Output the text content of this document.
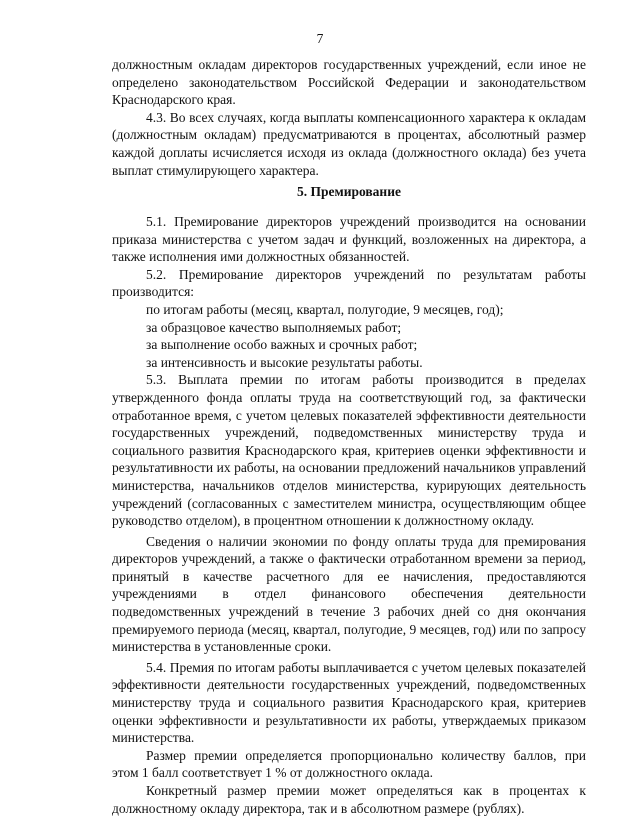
7

должностным окладам директоров государственных учреждений, если иное не определено законодательством Российской Федерации и законодательством Краснодарского края.

4.3. Во всех случаях, когда выплаты компенсационного характера к окладам (должностным окладам) предусматриваются в процентах, абсолютный размер каждой доплаты исчисляется исходя из оклада (должностного оклада) без учета выплат стимулирующего характера.

5. Премирование

5.1. Премирование директоров учреждений производится на основании приказа министерства с учетом задач и функций, возложенных на директора, а также исполнения ими должностных обязанностей.

5.2. Премирование директоров учреждений по результатам работы производится:

по итогам работы (месяц, квартал, полугодие, 9 месяцев, год);

за образцовое качество выполняемых работ;

за выполнение особо важных и срочных работ;

за интенсивность и высокие результаты работы.

5.3. Выплата премии по итогам работы производится в пределах утвержденного фонда оплаты труда на соответствующий год, за фактически отработанное время, с учетом целевых показателей эффективности деятельности государственных учреждений, подведомственных министерству труда и социального развития Краснодарского края, критериев оценки эффективности и результативности их работы, на основании предложений начальников управлений министерства, начальников отделов министерства, курирующих деятельность учреждений (согласованных с заместителем министра, осуществляющим общее руководство отделом), в процентном отношении к должностному окладу.

Сведения о наличии экономии по фонду оплаты труда для премирования директоров учреждений, а также о фактически отработанном времени за период, принятый в качестве расчетного для ее начисления, предоставляются учреждениями в отдел финансового обеспечения деятельности подведомственных учреждений в течение 3 рабочих дней со дня окончания премируемого периода (месяц, квартал, полугодие, 9 месяцев, год) или по запросу министерства в установленные сроки.

5.4. Премия по итогам работы выплачивается с учетом целевых показателей эффективности деятельности государственных учреждений, подведомственных министерству труда и социального развития Краснодарского края, критериев оценки эффективности и результативности их работы, утверждаемых приказом министерства.

Размер премии определяется пропорционально количеству баллов, при этом 1 балл соответствует 1 % от должностного оклада.

Конкретный размер премии может определяться как в процентах к должностному окладу директора, так и в абсолютном размере (рублях).
